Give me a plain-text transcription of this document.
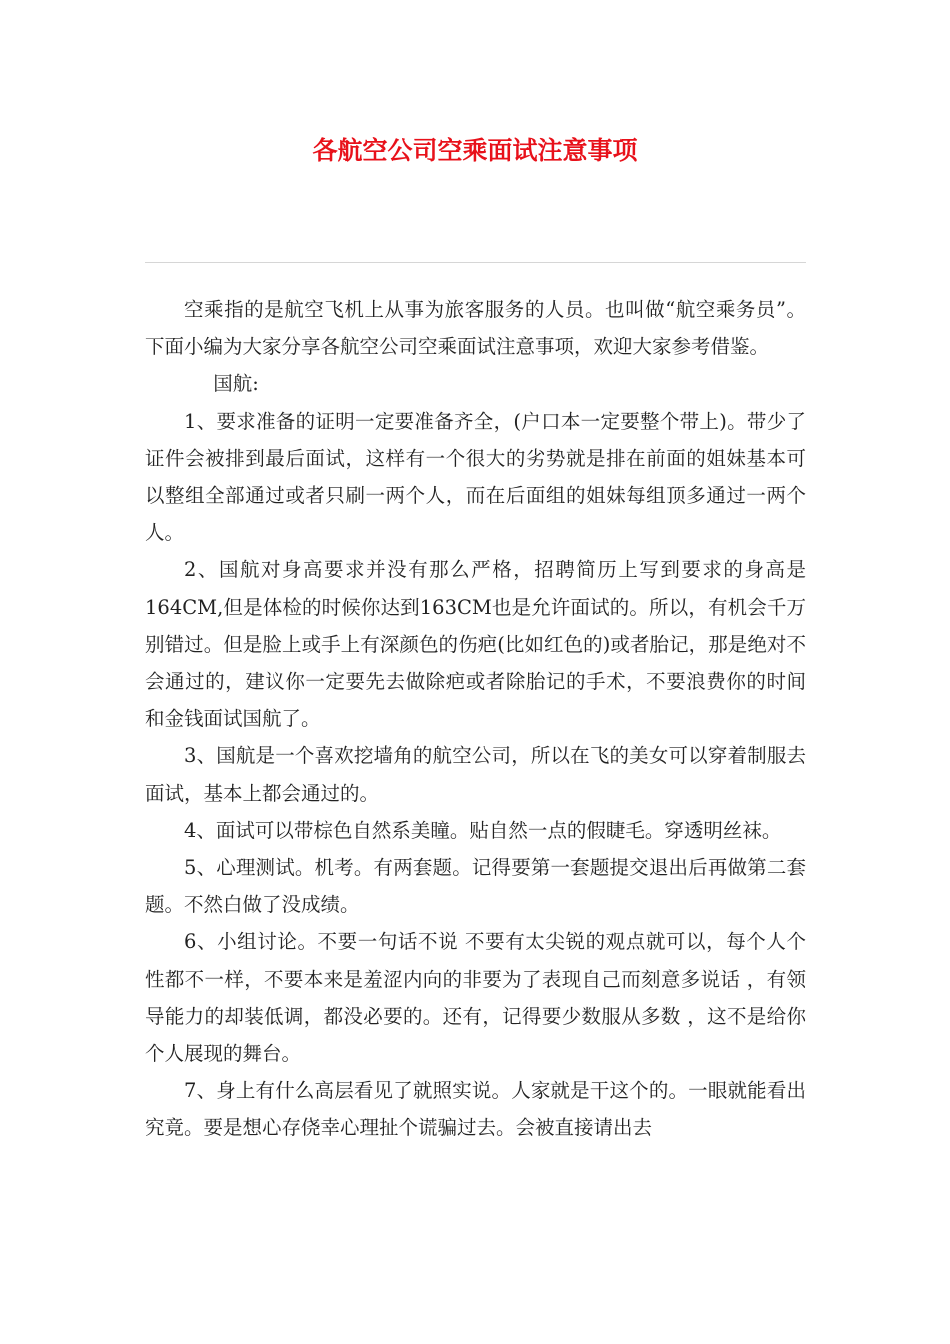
各航空公司空乘面试注意事项

空乘指的是航空飞机上从事为旅客服务的人员。也叫做“航空乘务员”。下面小编为大家分享各航空公司空乘面试注意事项，欢迎大家参考借鉴。

国航:

1、要求准备的证明一定要准备齐全，(户口本一定要整个带上)。带少了证件会被排到最后面试，这样有一个很大的劣势就是排在前面的姐妹基本可以整组全部通过或者只刷一两个人，而在后面组的姐妹每组顶多通过一两个人。

2、国航对身高要求并没有那么严格，招聘简历上写到要求的身高是164CM,但是体检的时候你达到163CM也是允许面试的。所以，有机会千万别错过。但是脸上或手上有深颜色的伤疤(比如红色的)或者胎记，那是绝对不会通过的，建议你一定要先去做除疤或者除胎记的手术，不要浪费你的时间和金钱面试国航了。

3、国航是一个喜欢挖墙角的航空公司，所以在飞的美女可以穿着制服去面试，基本上都会通过的。

4、面试可以带棕色自然系美瞳。贴自然一点的假睫毛。穿透明丝袜。

5、心理测试。机考。有两套题。记得要第一套题提交退出后再做第二套题。不然白做了没成绩。

6、小组讨论。不要一句话不说 不要有太尖锐的观点就可以，每个人个性都不一样，不要本来是羞涩内向的非要为了表现自己而刻意多说话 ，有领导能力的却装低调，都没必要的。还有，记得要少数服从多数 ，这不是给你个人展现的舞台。

7、身上有什么高层看见了就照实说。人家就是干这个的。一眼就能看出究竟。要是想心存侥幸心理扯个谎骗过去。会被直接请出去
